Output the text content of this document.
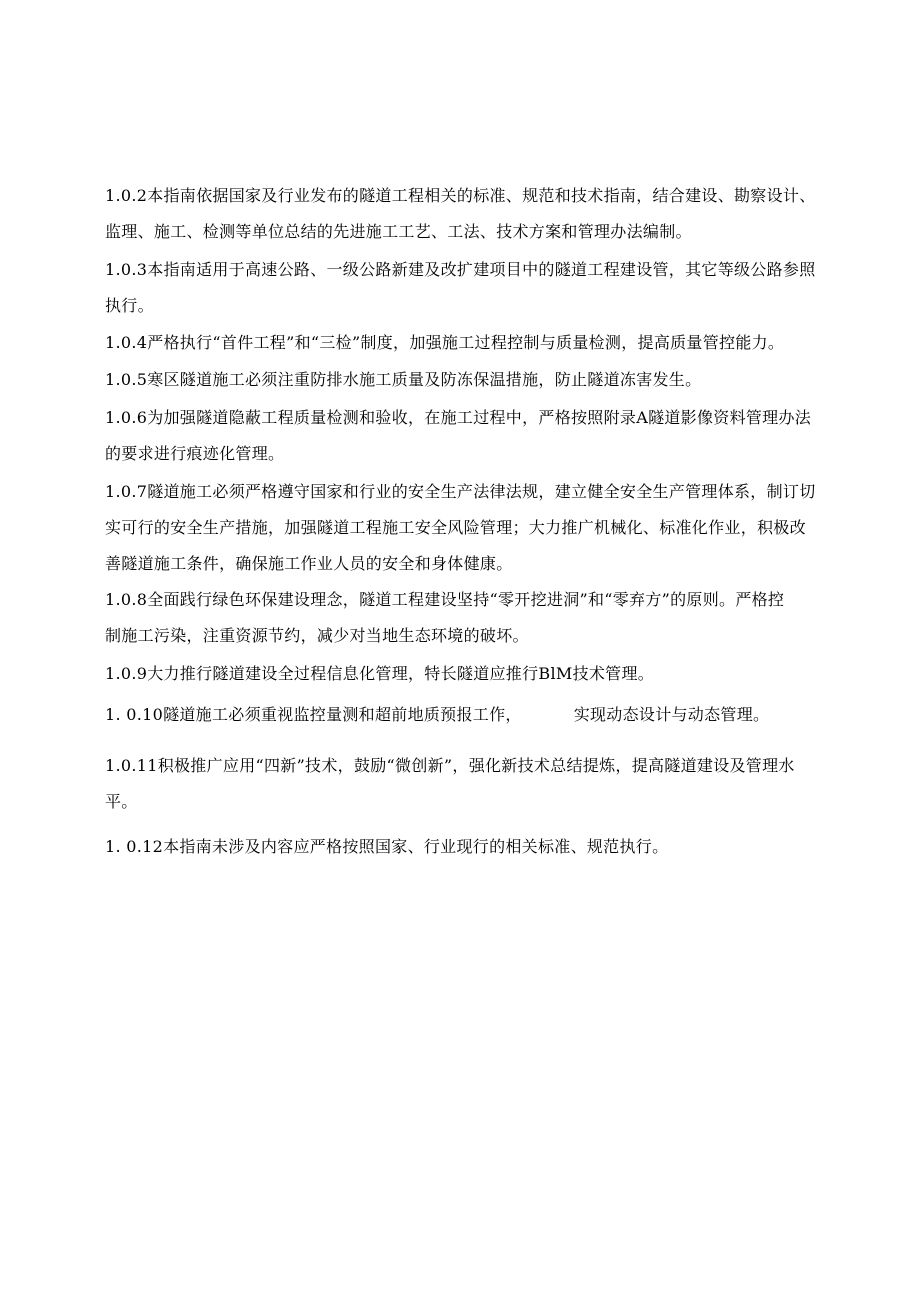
1.0.2本指南依据国家及行业发布的隧道工程相关的标准、规范和技术指南，结合建设、勘察设计、
监理、施工、检测等单位总结的先进施工工艺、工法、技术方案和管理办法编制。
1.0.3本指南适用于高速公路、一级公路新建及改扩建项目中的隧道工程建设管，其它等级公路参照
执行。
1.0.4严格执行“首件工程”和“三检”制度，加强施工过程控制与质量检测，提高质量管控能力。
1.0.5寒区隧道施工必须注重防排水施工质量及防冻保温措施，防止隧道冻害发生。
1.0.6为加强隧道隐蔽工程质量检测和验收，在施工过程中，严格按照附录A隧道影像资料管理办法
的要求进行痕迹化管理。
1.0.7隧道施工必须严格遵守国家和行业的安全生产法律法规，建立健全安全生产管理体系，制订切
实可行的安全生产措施，加强隧道工程施工安全风险管理；大力推广机械化、标准化作业，积极改
善隧道施工条件，确保施工作业人员的安全和身体健康。
1.0.8全面践行绿色环保建设理念，隧道工程建设坚持“零开挖进洞”和“零弃方”的原则。严格控
制施工污染，注重资源节约，减少对当地生态环境的破坏。
1.0.9大力推行隧道建设全过程信息化管理，特长隧道应推行BlM技术管理。
1. 0.10隧道施工必须重视监控量测和超前地质预报工作，	实现动态设计与动态管理。
1.0.11积极推广应用“四新”技术，鼓励“微创新”，强化新技术总结提炼，提高隧道建设及管理水
平。
1. 0.12本指南未涉及内容应严格按照国家、行业现行的相关标准、规范执行。
